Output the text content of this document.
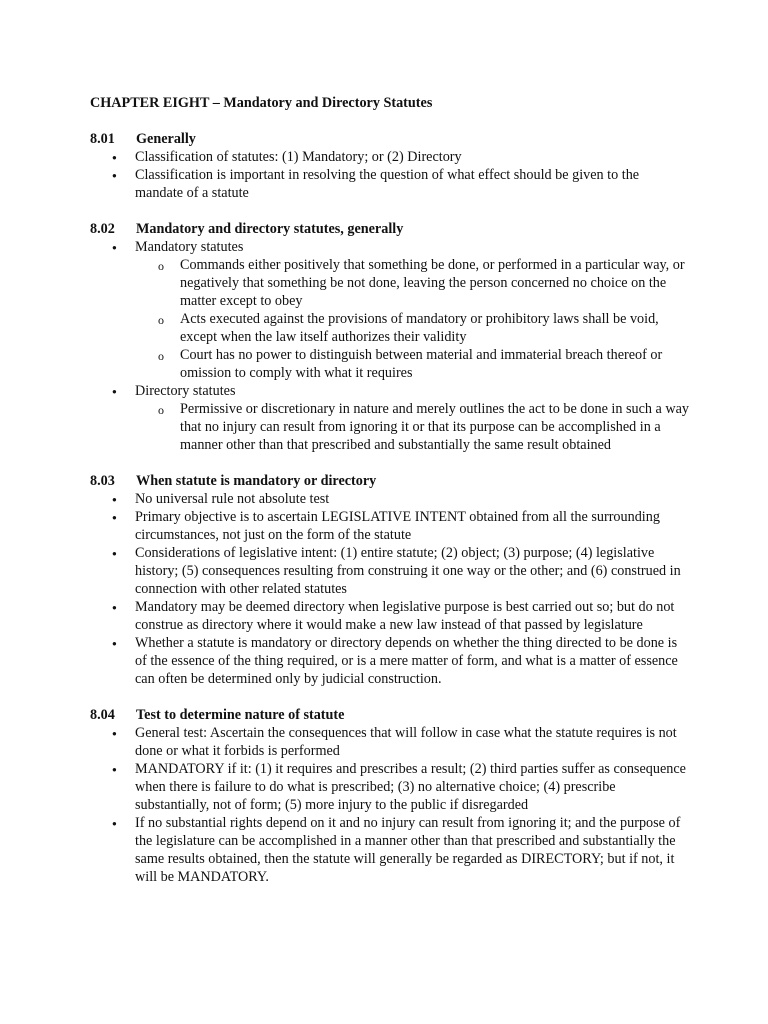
CHAPTER EIGHT – Mandatory and Directory Statutes
8.01	Generally
● Classification of statutes: (1) Mandatory; or (2) Directory
● Classification is important in resolving the question of what effect should be given to the mandate of a statute
8.02	Mandatory and directory statutes, generally
● Mandatory statutes
o Commands either positively that something be done, or performed in a particular way, or negatively that something be not done, leaving the person concerned no choice on the matter except to obey
o Acts executed against the provisions of mandatory or prohibitory laws shall be void, except when the law itself authorizes their validity
o Court has no power to distinguish between material and immaterial breach thereof or omission to comply with what it requires
● Directory statutes
o Permissive or discretionary in nature and merely outlines the act to be done in such a way that no injury can result from ignoring it or that its purpose can be accomplished in a manner other than that prescribed and substantially the same result obtained
8.03	When statute is mandatory or directory
● No universal rule not absolute test
● Primary objective is to ascertain LEGISLATIVE INTENT obtained from all the surrounding circumstances, not just on the form of the statute
● Considerations of legislative intent: (1) entire statute; (2) object; (3) purpose; (4) legislative history; (5) consequences resulting from construing it one way or the other; and (6) construed in connection with other related statutes
● Mandatory may be deemed directory when legislative purpose is best carried out so; but do not construe as directory where it would make a new law instead of that passed by legislature
● Whether a statute is mandatory or directory depends on whether the thing directed to be done is of the essence of the thing required, or is a mere matter of form, and what is a matter of essence can often be determined only by judicial construction.
8.04	Test to determine nature of statute
● General test: Ascertain the consequences that will follow in case what the statute requires is not done or what it forbids is performed
● MANDATORY if it: (1) it requires and prescribes a result; (2) third parties suffer as consequence when there is failure to do what is prescribed; (3) no alternative choice; (4) prescribe substantially, not of form; (5) more injury to the public if disregarded
● If no substantial rights depend on it and no injury can result from ignoring it; and the purpose of the legislature can be accomplished in a manner other than that prescribed and substantially the same results obtained, then the statute will generally be regarded as DIRECTORY; but if not, it will be MANDATORY.
